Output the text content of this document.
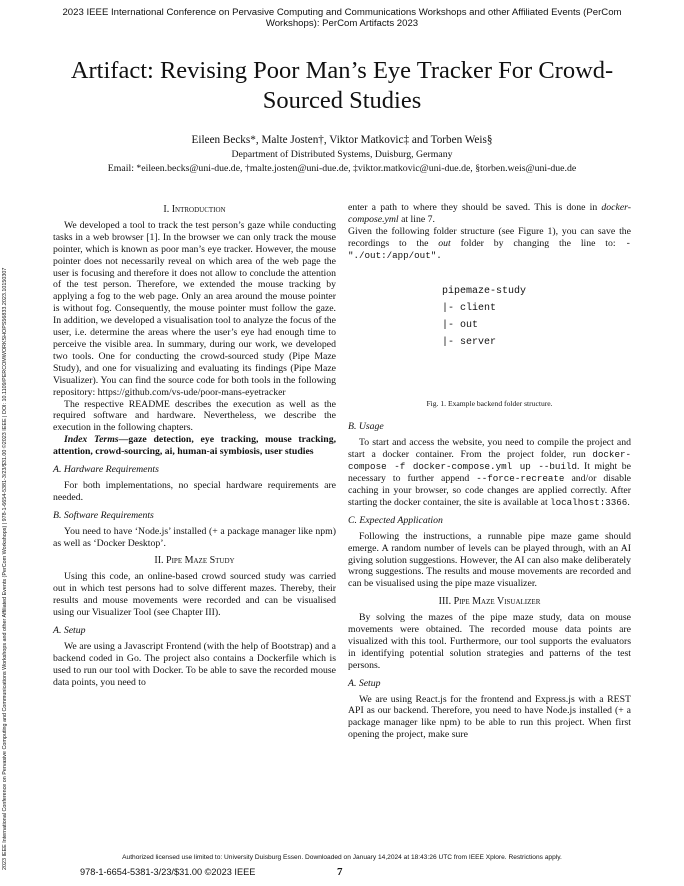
2023 IEEE International Conference on Pervasive Computing and Communications Workshops and other Affiliated Events (PerCom Workshops): PerCom Artifacts 2023
2023 IEEE International Conference on Pervasive Computing and Communications Workshops and other Affiliated Events (PerCom Workshops) | 978-1-6654-5381-3/23/$31.00 ©2023 IEEE | DOI: 10.1109/PERCOMWORKSHOPS56833.2023.10150307
Artifact: Revising Poor Man’s Eye Tracker For Crowd-Sourced Studies
Eileen Becks*, Malte Josten†, Viktor Matkovic‡ and Torben Weis§
Department of Distributed Systems, Duisburg, Germany
Email: *eileen.becks@uni-due.de, †malte.josten@uni-due.de, ‡viktor.matkovic@uni-due.de, §torben.weis@uni-due.de
I. Introduction

We developed a tool to track the test person’s gaze while conducting tasks in a web browser [1]. In the browser we can only track the mouse pointer, which is known as poor man’s eye tracker. However, the mouse pointer does not necessarily reveal on which area of the web page the user is focusing and therefore it does not allow to conclude the attention of the test person. Therefore, we extended the mouse tracking by applying a fog to the web page. Only an area around the mouse pointer is without fog. Consequently, the mouse pointer must follow the gaze. In addition, we developed a visualisation tool to analyze the focus of the user, i.e. determine the areas where the user’s eye had enough time to perceive the visible area. In summary, during our work, we developed two tools. One for conducting the crowd-sourced study (Pipe Maze Study), and one for visualizing and evaluating its findings (Pipe Maze Visualizer). You can find the source code for both tools in the following repository: https://github.com/vs-ude/poor-mans-eyetracker

The respective README describes the execution as well as the required software and hardware. Nevertheless, we describe the execution in the following chapters.

Index Terms—gaze detection, eye tracking, mouse tracking, attention, crowd-sourcing, ai, human-ai symbiosis, user studies

A. Hardware Requirements

For both implementations, no special hardware requirements are needed.

B. Software Requirements

You need to have ‘Node.js’ installed (+ a package manager like npm) as well as ‘Docker Desktop’.

II. Pipe Maze Study

Using this code, an online-based crowd sourced study was carried out in which test persons had to solve different mazes. Thereby, their results and mouse movements were recorded and can be visualised using our Visualizer Tool (see Chapter III).

A. Setup

We are using a Javascript Frontend (with the help of Bootstrap) and a backend coded in Go. The project also contains a Dockerfile which is used to run our tool with Docker. To be able to save the recorded mouse data points, you need to

enter a path to where they should be saved. This is done in docker-compose.yml at line 7.

Given the following folder structure (see Figure 1), you can save the recordings to the out folder by changing the line to: - "./out:/app/out".

pipemaze-study
|- client
|- out
|- server
Fig. 1. Example backend folder structure.
B. Usage

To start and access the website, you need to compile the project and start a docker container. From the project folder, run docker-compose -f docker-compose.yml up --build. It might be necessary to further append --force-recreate and/or disable caching in your browser, so code changes are applied correctly. After starting the docker container, the site is available at localhost:3366.

C. Expected Application

Following the instructions, a runnable pipe maze game should emerge. A random number of levels can be played through, with an AI giving solution suggestions. However, the AI can also make deliberately wrong suggestions. The results and mouse movements are recorded and can be visualised using the pipe maze visualizer.

III. Pipe Maze Visualizer

By solving the mazes of the pipe maze study, data on mouse movements were obtained. The recorded mouse data points are visualized with this tool. Furthermore, our tool supports the evaluators in identifying potential solution strategies and patterns of the test persons.

A. Setup

We are using React.js for the frontend and Express.js with a REST API as our backend. Therefore, you need to have Node.js installed (+ a package manager like npm) to be able to run this project. When first opening the project, make sure

Authorized licensed use limited to: University Duisburg Essen. Downloaded on January 14,2024 at 18:43:26 UTC from IEEE Xplore. Restrictions apply.
978-1-6654-5381-3/23/$31.00 ©2023 IEEE	7
